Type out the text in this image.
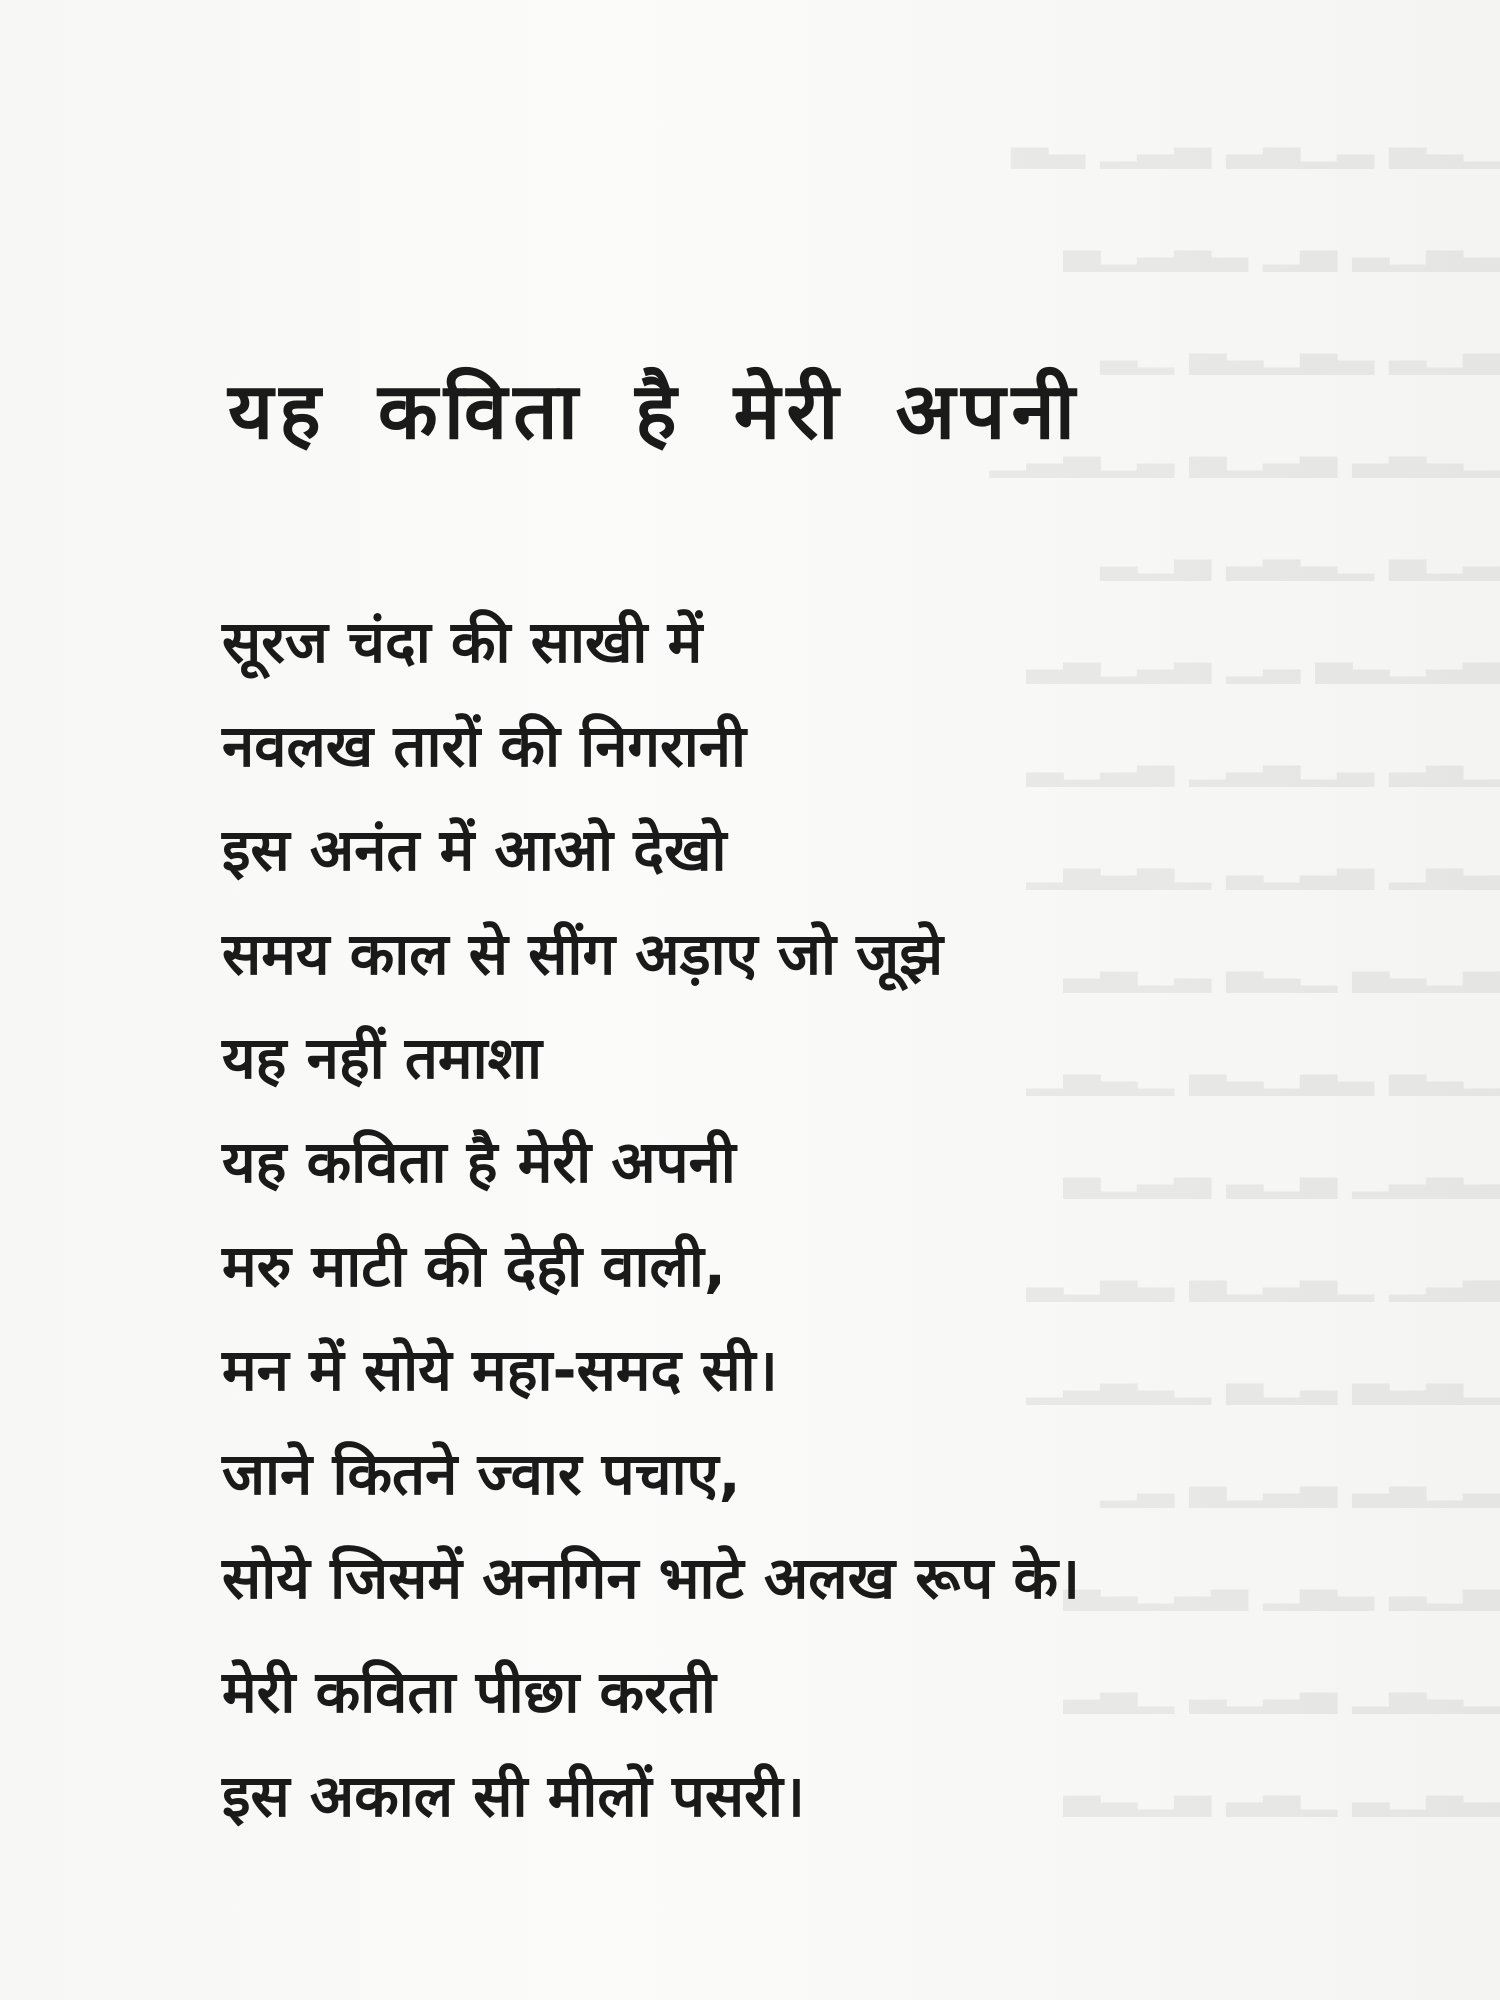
▁▂▃ ▂▁▃▂ ▃▂▁ ▂▃
▂▃▁▂ ▃▁ ▂▃▂▁▃
▃▁▂ ▂▃▁▂▃ ▁▂
▁▂▃▂ ▃▂▁▃ ▂▁▃▂▁
▂▁▃ ▁▂▃▂ ▃▁▂
▃▂▁▂▃ ▂▁ ▃▂▁▃▂
▁▃▂ ▂▁▃▂▁ ▃▂▁▂
▂▃▁ ▃▂▁▂ ▁▃▂▃▁
▃▁▂▃ ▁▂▃ ▂▁▃▂
▁▂▃ ▂▃▁▂▃ ▁▂▃▁
▂▃▂▁ ▃▁▂ ▃▂▁▃
▃▂▁ ▁▃▂▁▃ ▂▃▁▂
▁▃▂▃ ▂▁▃ ▁▂▃▂▁
▂▁▃▂ ▃▂▁▃ ▂▁
▃▁▂ ▂▃▁ ▃▂▁▂▃
▁▂▃▁ ▃▂▁▂ ▁▃▂
▂▃▁▂ ▁▃▂ ▃▁▂▃
यह कविता है मेरी अपनी
सूरज चंदा की साखी में
नवलख तारों की निगरानी
इस अनंत में आओ देखो
समय काल से सींग अड़ाए जो जूझे
यह नहीं तमाशा
यह कविता है मेरी अपनी
मरु माटी की देही वाली,
मन में सोये महा-समद सी।
जाने कितने ज्वार पचाए,
सोये जिसमें अनगिन भाटे अलख रूप के।
मेरी कविता पीछा करती
इस अकाल सी मीलों पसरी।
